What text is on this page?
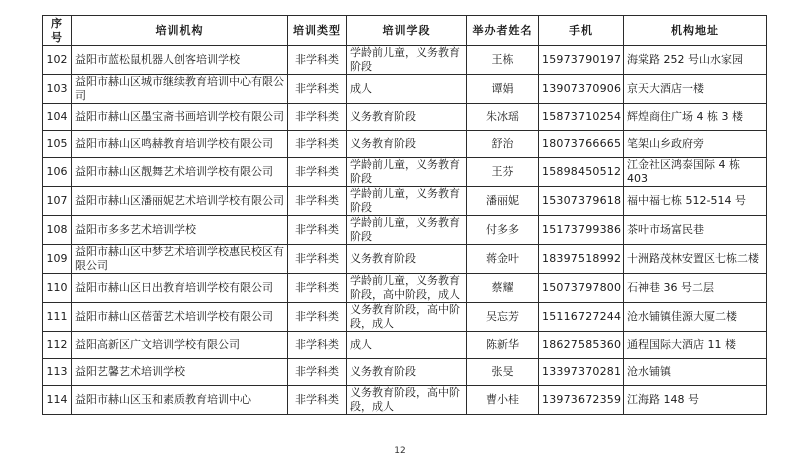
序号	培训机构	培训类型	培训学段	举办者姓名	手机	机构地址
102	益阳市蓝松鼠机器人创客培训学校	非学科类	学龄前儿童，义务教育阶段	王栋	15973790197	海棠路 252 号山水家园
103	益阳市赫山区城市继续教育培训中心有限公司	非学科类	成人	谭娟	13907370906	京天大酒店一楼
104	益阳市赫山区墨宝斋书画培训学校有限公司	非学科类	义务教育阶段	朱冰瑶	15873710254	辉煌商住广场 4 栋 3 楼
105	益阳市赫山区鸣赫教育培训学校有限公司	非学科类	义务教育阶段	舒治	18073766665	笔架山乡政府旁
106	益阳市赫山区靓舞艺术培训学校有限公司	非学科类	学龄前儿童，义务教育阶段	王芬	15898450512	江金社区鸿泰国际 4 栋 403
107	益阳市赫山区潘丽妮艺术培训学校有限公司	非学科类	学龄前儿童，义务教育阶段	潘丽妮	15307379618	福中福七栋 512-514 号
108	益阳市多多艺术培训学校	非学科类	学龄前儿童，义务教育阶段	付多多	15173799386	茶叶市场富民巷
109	益阳市赫山区中梦艺术培训学校惠民校区有限公司	非学科类	义务教育阶段	蒋金叶	18397518992	十洲路茂林安置区七栋二楼
110	益阳市赫山区日出教育培训学校有限公司	非学科类	学龄前儿童，义务教育阶段，高中阶段，成人	蔡耀	15073797800	石神巷 36 号二层
111	益阳市赫山区蓓蕾艺术培训学校有限公司	非学科类	义务教育阶段，高中阶段，成人	吴忘芳	15116727244	沧水铺镇佳源大厦二楼
112	益阳高新区广文培训学校有限公司	非学科类	成人	陈新华	18627585360	通程国际大酒店 11 楼
113	益阳艺馨艺术培训学校	非学科类	义务教育阶段	张旻	13397370281	沧水铺镇
114	益阳市赫山区玉和素质教育培训中心	非学科类	义务教育阶段，高中阶段，成人	曹小桂	13973672359	江海路 148 号
12
